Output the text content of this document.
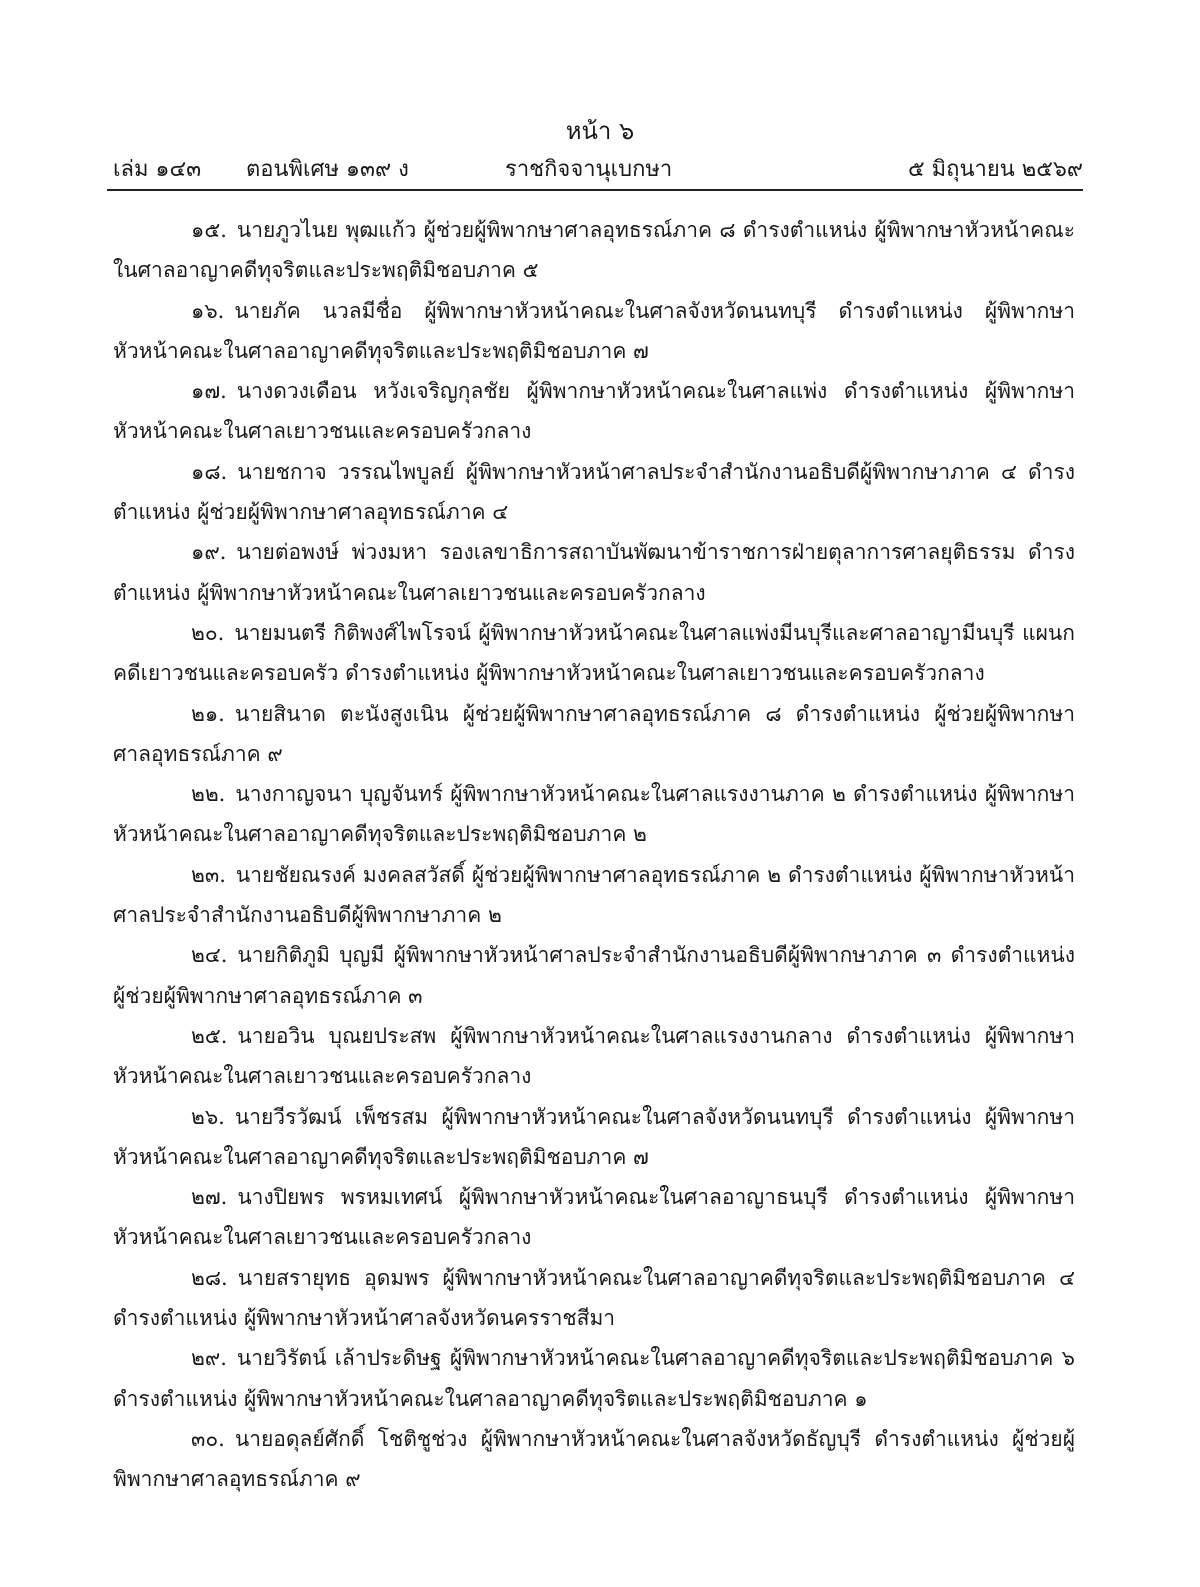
หน้า ๖
เล่ม ๑๔๓ ตอนพิเศษ ๑๓๙ ง	ราชกิจจานุเบกษา	๕ มิถุนายน ๒๕๖๙

๑๕. นายภูวไนย พุฒแก้ว ผู้ช่วยผู้พิพากษาศาลอุทธรณ์ภาค ๘ ดำรงตำแหน่ง ผู้พิพากษาหัวหน้าคณะในศาลอาญาคดีทุจริตและประพฤติมิชอบภาค ๕

๑๖. นายภัค นวลมีชื่อ ผู้พิพากษาหัวหน้าคณะในศาลจังหวัดนนทบุรี ดำรงตำแหน่ง ผู้พิพากษาหัวหน้าคณะในศาลอาญาคดีทุจริตและประพฤติมิชอบภาค ๗

๑๗. นางดวงเดือน หวังเจริญกุลชัย ผู้พิพากษาหัวหน้าคณะในศาลแพ่ง ดำรงตำแหน่ง ผู้พิพากษาหัวหน้าคณะในศาลเยาวชนและครอบครัวกลาง

๑๘. นายชกาจ วรรณไพบูลย์ ผู้พิพากษาหัวหน้าศาลประจำสำนักงานอธิบดีผู้พิพากษาภาค ๔ ดำรงตำแหน่ง ผู้ช่วยผู้พิพากษาศาลอุทธรณ์ภาค ๔

๑๙. นายต่อพงษ์ พ่วงมหา รองเลขาธิการสถาบันพัฒนาข้าราชการฝ่ายตุลาการศาลยุติธรรม ดำรงตำแหน่ง ผู้พิพากษาหัวหน้าคณะในศาลเยาวชนและครอบครัวกลาง

๒๐. นายมนตรี กิติพงศ์ไพโรจน์ ผู้พิพากษาหัวหน้าคณะในศาลแพ่งมีนบุรีและศาลอาญามีนบุรี แผนกคดีเยาวชนและครอบครัว ดำรงตำแหน่ง ผู้พิพากษาหัวหน้าคณะในศาลเยาวชนและครอบครัวกลาง

๒๑. นายสินาด ตะนังสูงเนิน ผู้ช่วยผู้พิพากษาศาลอุทธรณ์ภาค ๘ ดำรงตำแหน่ง ผู้ช่วยผู้พิพากษาศาลอุทธรณ์ภาค ๙

๒๒. นางกาญจนา บุญจันทร์ ผู้พิพากษาหัวหน้าคณะในศาลแรงงานภาค ๒ ดำรงตำแหน่ง ผู้พิพากษาหัวหน้าคณะในศาลอาญาคดีทุจริตและประพฤติมิชอบภาค ๒

๒๓. นายชัยณรงค์ มงคลสวัสดิ์ ผู้ช่วยผู้พิพากษาศาลอุทธรณ์ภาค ๒ ดำรงตำแหน่ง ผู้พิพากษาหัวหน้าศาลประจำสำนักงานอธิบดีผู้พิพากษาภาค ๒

๒๔. นายกิติภูมิ บุญมี ผู้พิพากษาหัวหน้าศาลประจำสำนักงานอธิบดีผู้พิพากษาภาค ๓ ดำรงตำแหน่ง ผู้ช่วยผู้พิพากษาศาลอุทธรณ์ภาค ๓

๒๕. นายอวิน บุณยประสพ ผู้พิพากษาหัวหน้าคณะในศาลแรงงานกลาง ดำรงตำแหน่ง ผู้พิพากษาหัวหน้าคณะในศาลเยาวชนและครอบครัวกลาง

๒๖. นายวีรวัฒน์ เพ็ชรสม ผู้พิพากษาหัวหน้าคณะในศาลจังหวัดนนทบุรี ดำรงตำแหน่ง ผู้พิพากษาหัวหน้าคณะในศาลอาญาคดีทุจริตและประพฤติมิชอบภาค ๗

๒๗. นางปิยพร พรหมเทศน์ ผู้พิพากษาหัวหน้าคณะในศาลอาญาธนบุรี ดำรงตำแหน่ง ผู้พิพากษาหัวหน้าคณะในศาลเยาวชนและครอบครัวกลาง

๒๘. นายสรายุทธ อุดมพร ผู้พิพากษาหัวหน้าคณะในศาลอาญาคดีทุจริตและประพฤติมิชอบภาค ๔ ดำรงตำแหน่ง ผู้พิพากษาหัวหน้าศาลจังหวัดนครราชสีมา

๒๙. นายวิรัตน์ เล้าประดิษฐ ผู้พิพากษาหัวหน้าคณะในศาลอาญาคดีทุจริตและประพฤติมิชอบภาค ๖ ดำรงตำแหน่ง ผู้พิพากษาหัวหน้าคณะในศาลอาญาคดีทุจริตและประพฤติมิชอบภาค ๑

๓๐. นายอดุลย์ศักดิ์ โชติชูช่วง ผู้พิพากษาหัวหน้าคณะในศาลจังหวัดธัญบุรี ดำรงตำแหน่ง ผู้ช่วยผู้พิพากษาศาลอุทธรณ์ภาค ๙
